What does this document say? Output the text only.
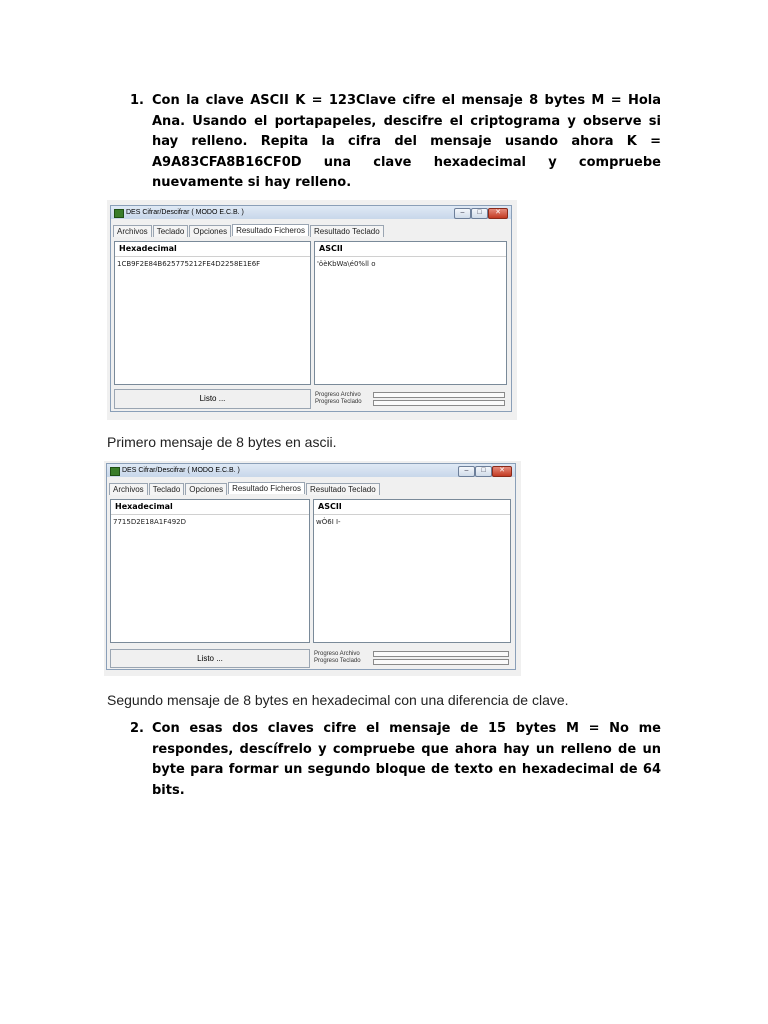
1. Con la clave ASCII K = 123Clave cifre el mensaje 8 bytes M = Hola Ana. Usando el portapapeles, descifre el criptograma y observe si hay relleno. Repita la cifra del mensaje usando ahora K = A9A83CFA8B16CF0D una clave hexadecimal y compruebe nuevamente si hay relleno.
DES Cifrar/Descifrar ( MODO E.C.B. )	–	□	✕
Archivos Teclado Opciones Resultado Ficheros Resultado Teclado
Hexadecimal
1CB9F2E84B625775212FE4D2258E1E6F
ASCII
'öèKbWa\é0%ll o
Listo ...	Progreso Archivo
Progreso Teclado
Primero mensaje de 8 bytes en ascii.
DES Cifrar/Descifrar ( MODO E.C.B. )	–	□	✕
Archivos Teclado Opciones Resultado Ficheros Resultado Teclado
Hexadecimal
7715D2E18A1F492D
ASCII
wÒ6I I-
Listo ...	Progreso Archivo
Progreso Teclado
Segundo mensaje de 8 bytes en hexadecimal con una diferencia de clave.
2. Con esas dos claves cifre el mensaje de 15 bytes M = No me respondes, descífrelo y compruebe que ahora hay un relleno de un byte para formar un segundo bloque de texto en hexadecimal de 64 bits.
